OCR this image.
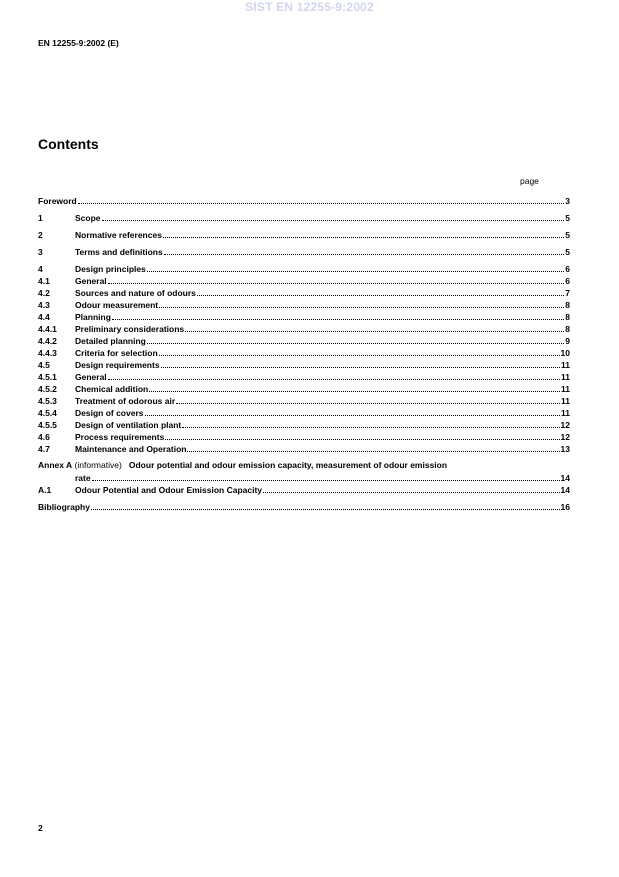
SIST EN 12255-9:2002
EN 12255-9:2002 (E)
Contents
page
Foreword	3
1	Scope	5
2	Normative references	5
3	Terms and definitions	5
4	Design principles	6
4.1	General	6
4.2	Sources and nature of odours	7
4.3	Odour measurement	8
4.4	Planning	8
4.4.1	Preliminary considerations	8
4.4.2	Detailed planning	9
4.4.3	Criteria for selection	10
4.5	Design requirements	11
4.5.1	General	11
4.5.2	Chemical addition	11
4.5.3	Treatment of odorous air	11
4.5.4	Design of covers	11
4.5.5	Design of ventilation plant	12
4.6	Process requirements	12
4.7	Maintenance and Operation	13
Annex A (informative) Odour potential and odour emission capacity, measurement of odour emission
rate	14
A.1	Odour Potential and Odour Emission Capacity	14
Bibliography	16
2
